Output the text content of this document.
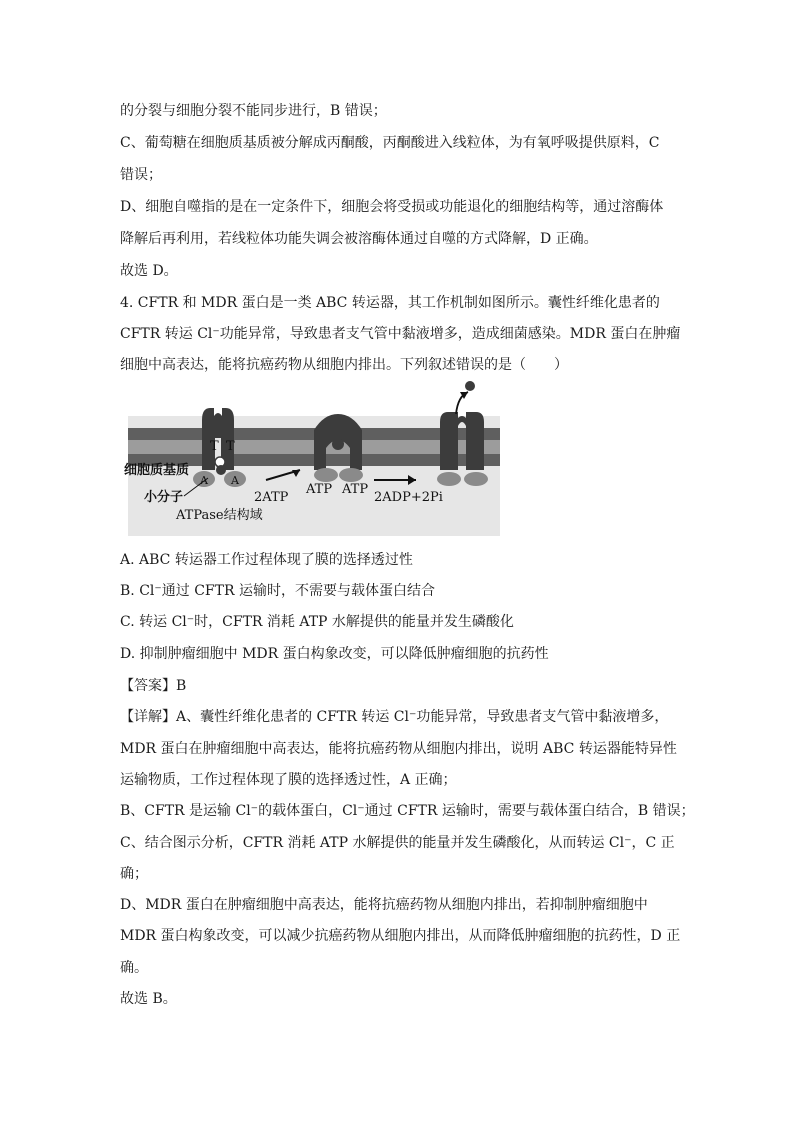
的分裂与细胞分裂不能同步进行，B 错误；
C、葡萄糖在细胞质基质被分解成丙酮酸，丙酮酸进入线粒体，为有氧呼吸提供原料，C
错误；
D、细胞自噬指的是在一定条件下，细胞会将受损或功能退化的细胞结构等，通过溶酶体
降解后再利用，若线粒体功能失调会被溶酶体通过自噬的方式降解，D 正确。
故选 D。
4. CFTR 和 MDR 蛋白是一类 ABC 转运器，其工作机制如图所示。囊性纤维化患者的
CFTR 转运 Cl⁻功能异常，导致患者支气管中黏液增多，造成细菌感染。MDR 蛋白在肿瘤
细胞中高表达，能将抗癌药物从细胞内排出。下列叙述错误的是（　　）
T T
A A
细胞质基质
小分子
ATPase结构域
2ATP
ATP ATP
2ADP+2Pi
A. ABC 转运器工作过程体现了膜的选择透过性
B. Cl⁻通过 CFTR 运输时，不需要与载体蛋白结合
C. 转运 Cl⁻时，CFTR 消耗 ATP 水解提供的能量并发生磷酸化
D. 抑制肿瘤细胞中 MDR 蛋白构象改变，可以降低肿瘤细胞的抗药性
【答案】B
【详解】A、囊性纤维化患者的 CFTR 转运 Cl⁻功能异常，导致患者支气管中黏液增多，
MDR 蛋白在肿瘤细胞中高表达，能将抗癌药物从细胞内排出，说明 ABC 转运器能特异性
运输物质，工作过程体现了膜的选择透过性，A 正确；
B、CFTR 是运输 Cl⁻的载体蛋白，Cl⁻通过 CFTR 运输时，需要与载体蛋白结合，B 错误；
C、结合图示分析，CFTR 消耗 ATP 水解提供的能量并发生磷酸化，从而转运 Cl⁻，C 正
确；
D、MDR 蛋白在肿瘤细胞中高表达，能将抗癌药物从细胞内排出，若抑制肿瘤细胞中
MDR 蛋白构象改变，可以减少抗癌药物从细胞内排出，从而降低肿瘤细胞的抗药性，D 正
确。
故选 B。
